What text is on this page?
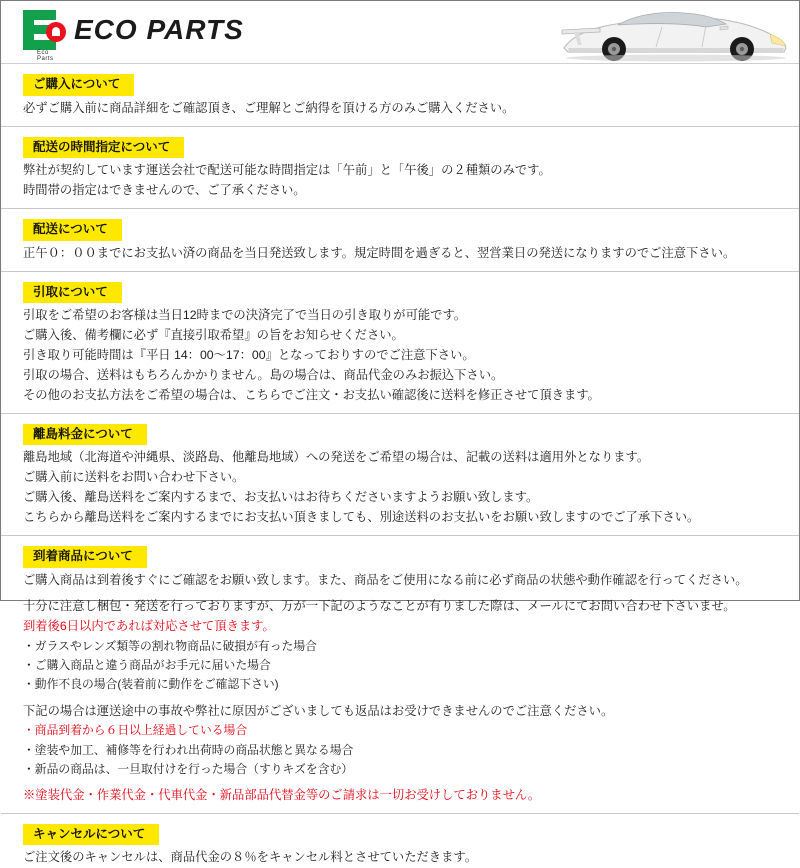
Eco Parts
ECO PARTS
ご購入について
必ずご購入前に商品詳細をご確認頂き、ご理解とご納得を頂ける方のみご購入ください。
配送の時間指定について
弊社が契約しています運送会社で配送可能な時間指定は「午前」と「午後」の２種類のみです。
時間帯の指定はできませんので、ご了承ください。
配送について
正午０：００までにお支払い済の商品を当日発送致します。規定時間を過ぎると、翌営業日の発送になりますのでご注意下さい。
引取について
引取をご希望のお客様は当日12時までの決済完了で当日の引き取りが可能です。
ご購入後、備考欄に必ず『直接引取希望』の旨をお知らせください。
引き取り可能時間は『平日 14：00〜17：00』となっておりすのでご注意下さい。
引取の場合、送料はもちろんかかりません。島の場合は、商品代金のみお振込下さい。
その他のお支払方法をご希望の場合は、こちらでご注文・お支払い確認後に送料を修正させて頂きます。
離島料金について
離島地域（北海道や沖縄県、淡路島、他離島地域）への発送をご希望の場合は、記載の送料は適用外となります。
ご購入前に送料をお問い合わせ下さい。
ご購入後、離島送料をご案内するまで、お支払いはお待ちくださいますようお願い致します。
こちらから離島送料をご案内するまでにお支払い頂きましても、別途送料のお支払いをお願い致しますのでご了承下さい。
到着商品について
ご購入商品は到着後すぐにご確認をお願い致します。また、商品をご使用になる前に必ず商品の状態や動作確認を行ってください。
十分に注意し梱包・発送を行っておりますが、万が一下記のようなことが有りました際は、メールにてお問い合わせ下さいませ。
到着後6日以内であれば対応させて頂きます。
・ガラスやレンズ類等の割れ物商品に破損が有った場合
・ご購入商品と違う商品がお手元に届いた場合
・動作不良の場合(装着前に動作をご確認下さい)
下記の場合は運送途中の事故や弊社に原因がございましても返品はお受けできませんのでご注意ください。
・商品到着から６日以上経過している場合
・塗装や加工、補修等を行われ出荷時の商品状態と異なる場合
・新品の商品は、一旦取付けを行った場合（すりキズを含む）
※塗装代金・作業代金・代車代金・新品部品代替金等のご請求は一切お受けしておりません。
キャンセルについて
ご注文後のキャンセルは、商品代金の８％をキャンセル料とさせていただきます。
